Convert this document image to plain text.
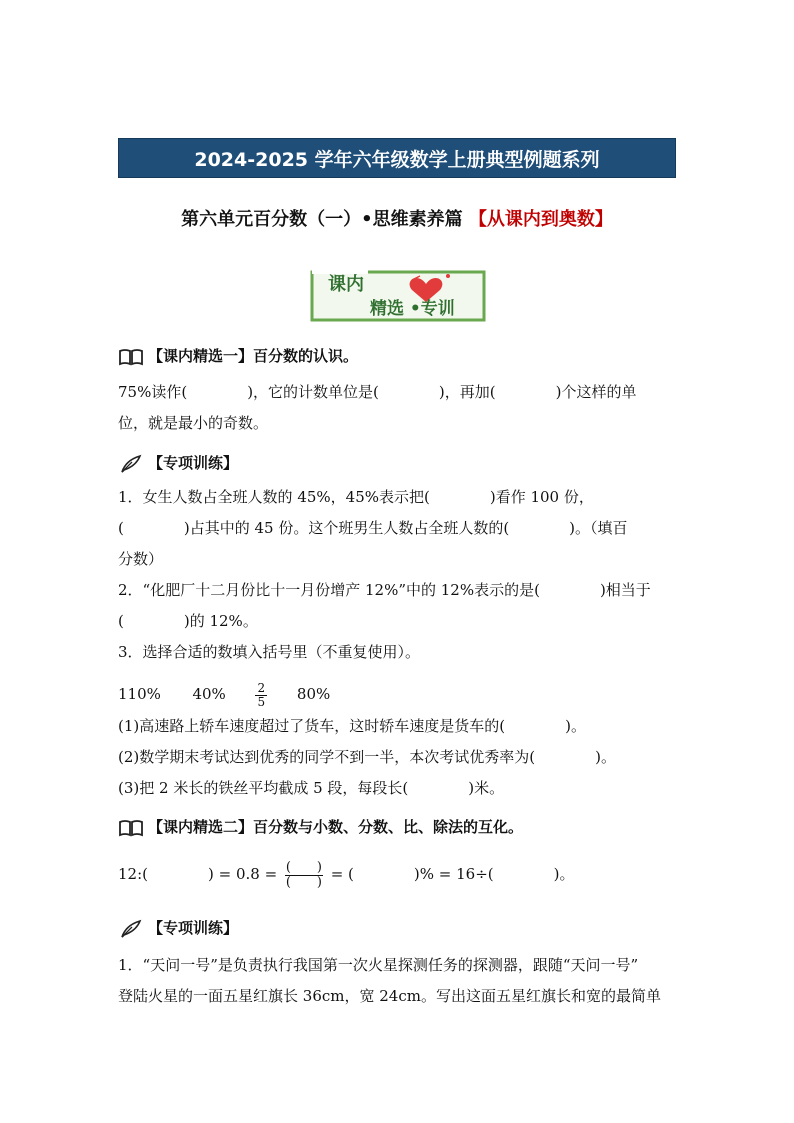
2024-2025 学年六年级数学上册典型例题系列
第六单元百分数（一）•思维素养篇 【从课内到奥数】
课内
精选 •专训
【课内精选一】百分数的认识。
75%读作(　　　　)，它的计数单位是(　　　　)，再加(　　　　)个这样的单
位，就是最小的奇数。
【专项训练】
1．女生人数占全班人数的 45%，45%表示把(　　　　)看作 100 份，
(　　　　)占其中的 45 份。这个班男生人数占全班人数的(　　　　)。（填百
分数）
2．“化肥厂十二月份比十一月份增产 12%”中的 12%表示的是(　　　　)相当于
(　　　　)的 12%。
3．选择合适的数填入括号里（不重复使用）。
110% $40\% \frac{2}{5} 80\%$
(1)高速路上轿车速度超过了货车，这时轿车速度是货车的(　　　　)。
(2)数学期末考试达到优秀的同学不到一半，本次考试优秀率为(　　　　)。
(3)把 2 米长的铁丝平均截成 5 段，每段长(　　　　)米。
【课内精选二】百分数与小数、分数、比、除法的互化。
12:(　　　　) = 0.8 = (　　)
(　　) = (　　　　)% = 16÷(　　　　)。
【专项训练】
1．“天问一号”是负责执行我国第一次火星探测任务的探测器，跟随“天问一号”
登陆火星的一面五星红旗长 36cm，宽 24cm。写出这面五星红旗长和宽的最简单
